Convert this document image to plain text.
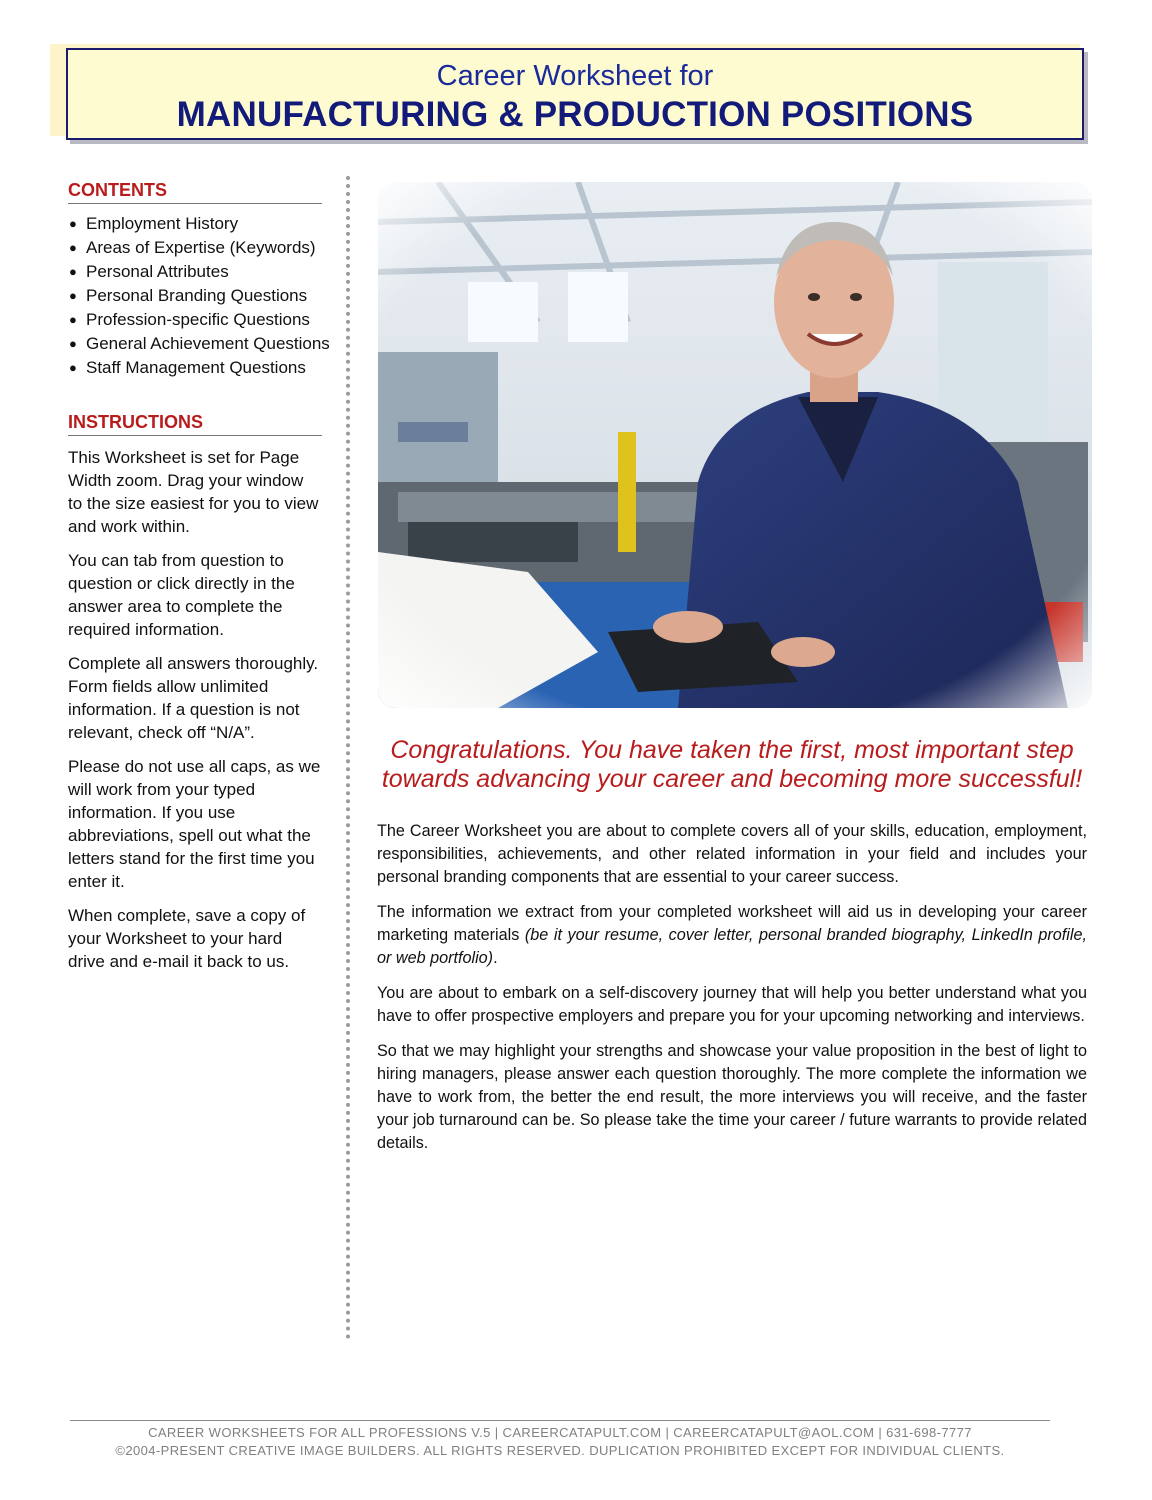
Career Worksheet for
MANUFACTURING & PRODUCTION POSITIONS
CONTENTS
● Employment History
● Areas of Expertise (Keywords)
● Personal Attributes
● Personal Branding Questions
● Profession-specific Questions
● General Achievement Questions
● Staff Management Questions
INSTRUCTIONS

This Worksheet is set for Page Width zoom. Drag your window to the size easiest for you to view and work within.

You can tab from question to question or click directly in the answer area to complete the required information.

Complete all answers thoroughly. Form fields allow unlimited information. If a question is not relevant, check off “N/A”.

Please do not use all caps, as we will work from your typed information. If you use abbreviations, spell out what the letters stand for the first time you enter it.

When complete, save a copy of your Worksheet to your hard drive and e-mail it back to us.

Congratulations. You have taken the first, most important step towards advancing your career and becoming more successful!

The Career Worksheet you are about to complete covers all of your skills, education, employment, responsibilities, achievements, and other related information in your field and includes your personal branding components that are essential to your career success.

The information we extract from your completed worksheet will aid us in developing your career marketing materials (be it your resume, cover letter, personal branded biography, LinkedIn profile, or web portfolio).

You are about to embark on a self-discovery journey that will help you better understand what you have to offer prospective employers and prepare you for your upcoming networking and interviews.

So that we may highlight your strengths and showcase your value proposition in the best of light to hiring managers, please answer each question thoroughly. The more complete the information we have to work from, the better the end result, the more interviews you will receive, and the faster your job turnaround can be. So please take the time your career / future warrants to provide related details.

CAREER WORKSHEETS FOR ALL PROFESSIONS V.5 | CAREERCATAPULT.COM | CAREERCATAPULT@AOL.COM | 631-698-7777
©2004-PRESENT CREATIVE IMAGE BUILDERS. ALL RIGHTS RESERVED. DUPLICATION PROHIBITED EXCEPT FOR INDIVIDUAL CLIENTS.
